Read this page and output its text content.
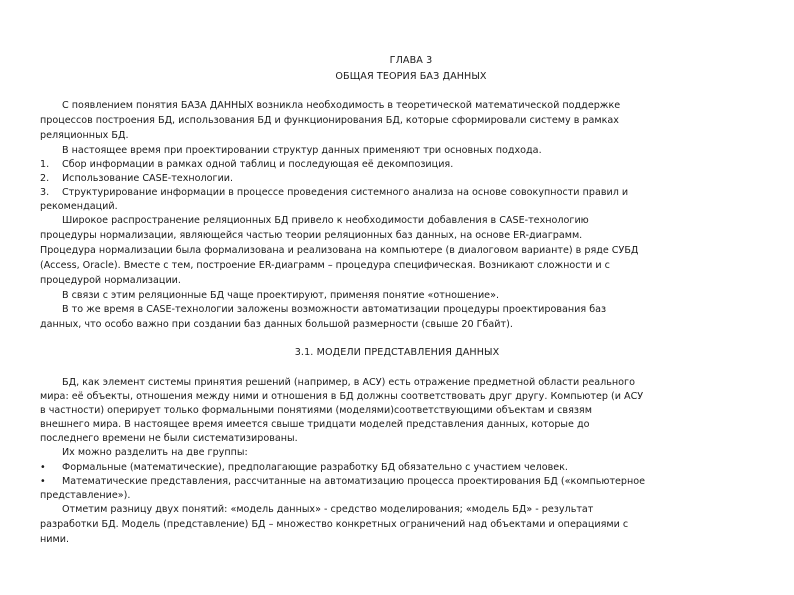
ГЛАВА 3
ОБЩАЯ ТЕОРИЯ БАЗ ДАННЫХ
С появлением понятия БАЗА ДАННЫХ возникла необходимость в теоретической математической поддержке
процессов построения БД, использования БД и функционирования БД, которые сформировали систему в рамках
реляционных БД.
В настоящее время при проектировании структур данных применяют три основных подхода.
1. Сбор информации в рамках одной таблиц и последующая её декомпозиция.
2. Использование CASE-технологии.
3. Структурирование информации в процессе проведения системного анализа на основе совокупности правил и
рекомендаций.
Широкое распространение реляционных БД привело к необходимости добавления в CASE-технологию
процедуры нормализации, являющейся частью теории реляционных баз данных, на основе ER-диаграмм.
Процедура нормализации была формализована и реализована на компьютере (в диалоговом варианте) в ряде СУБД
(Access, Oracle). Вместе с тем, построение ER-диаграмм – процедура специфическая. Возникают сложности и с
процедурой нормализации.
В связи с этим реляционные БД чаще проектируют, применяя понятие «отношение».
В то же время в CASE-технологии заложены возможности автоматизации процедуры проектирования баз
данных, что особо важно при создании баз данных большой размерности (свыше 20 Гбайт).
3.1. МОДЕЛИ ПРЕДСТАВЛЕНИЯ ДАННЫХ
БД, как элемент системы принятия решений (например, в АСУ) есть отражение предметной области реального
мира: её объекты, отношения между ними и отношения в БД должны соответствовать друг другу. Компьютер (и АСУ
в частности) оперирует только формальными понятиями (моделями)соответствующими объектам и связям
внешнего мира. В настоящее время имеется свыше тридцати моделей представления данных, которые до
последнего времени не были систематизированы.
Их можно разделить на две группы:
• Формальные (математические), предполагающие разработку БД обязательно с участием человек.
• Математические представления, рассчитанные на автоматизацию процесса проектирования БД («компьютерное
представление»).
Отметим разницу двух понятий: «модель данных» - средство моделирования; «модель БД» - результат
разработки БД. Модель (представление) БД – множество конкретных ограничений над объектами и операциями с
ними.
